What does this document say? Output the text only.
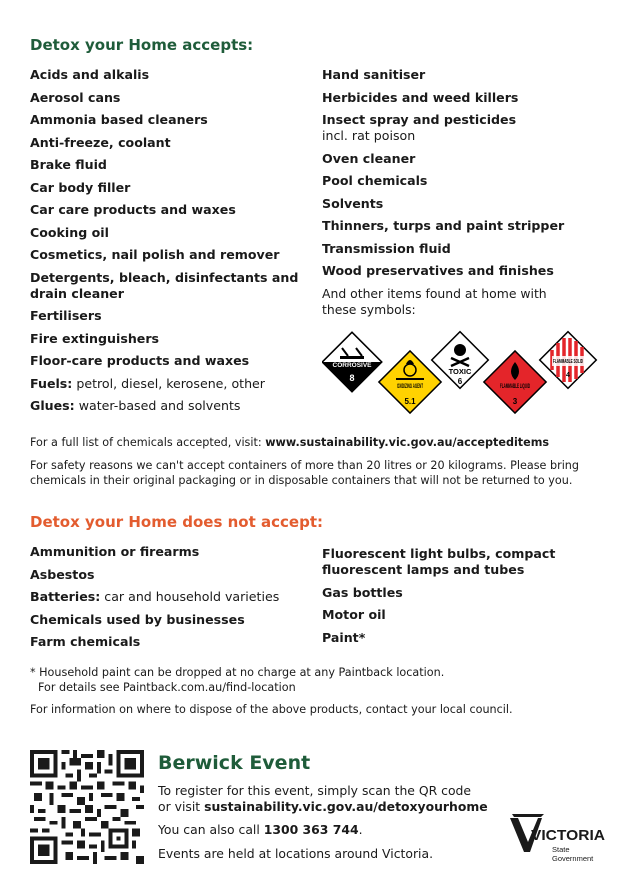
Detox your Home accepts:
Acids and alkalis
Aerosol cans
Ammonia based cleaners
Anti-freeze, coolant
Brake fluid
Car body filler
Car care products and waxes
Cooking oil
Cosmetics, nail polish and remover
Detergents, bleach, disinfectants and drain cleaner
Fertilisers
Fire extinguishers
Floor-care products and waxes
Fuels: petrol, diesel, kerosene, other
Glues: water-based and solvents
Hand sanitiser
Herbicides and weed killers
Insect spray and pesticides
incl. rat poison
Oven cleaner
Pool chemicals
Solvents
Thinners, turps and paint stripper
Transmission fluid
Wood preservatives and finishes
And other items found at home with these symbols:
CORROSIVE
8
OXIDIZING AGENT
5.1
TOXIC
6
FLAMMABLE LIQUID
3
FLAMMABLE SOLID
4
For a full list of chemicals accepted, visit: www.sustainability.vic.gov.au/accepteditems
For safety reasons we can't accept containers of more than 20 litres or 20 kilograms. Please bring chemicals in their original packaging or in disposable containers that will not be returned to you.
Detox your Home does not accept:
Ammunition or firearms
Asbestos
Batteries: car and household varieties
Chemicals used by businesses
Farm chemicals
Fluorescent light bulbs, compact fluorescent lamps and tubes
Gas bottles
Motor oil
Paint*
* Household paint can be dropped at no charge at any Paintback location.
For details see Paintback.com.au/find-location
For information on where to dispose of the above products, contact your local council.
Berwick Event
To register for this event, simply scan the QR code
or visit sustainability.vic.gov.au/detoxyourhome
You can also call 1300 363 744.
Events are held at locations around Victoria.
VICTORIA
State
Government
